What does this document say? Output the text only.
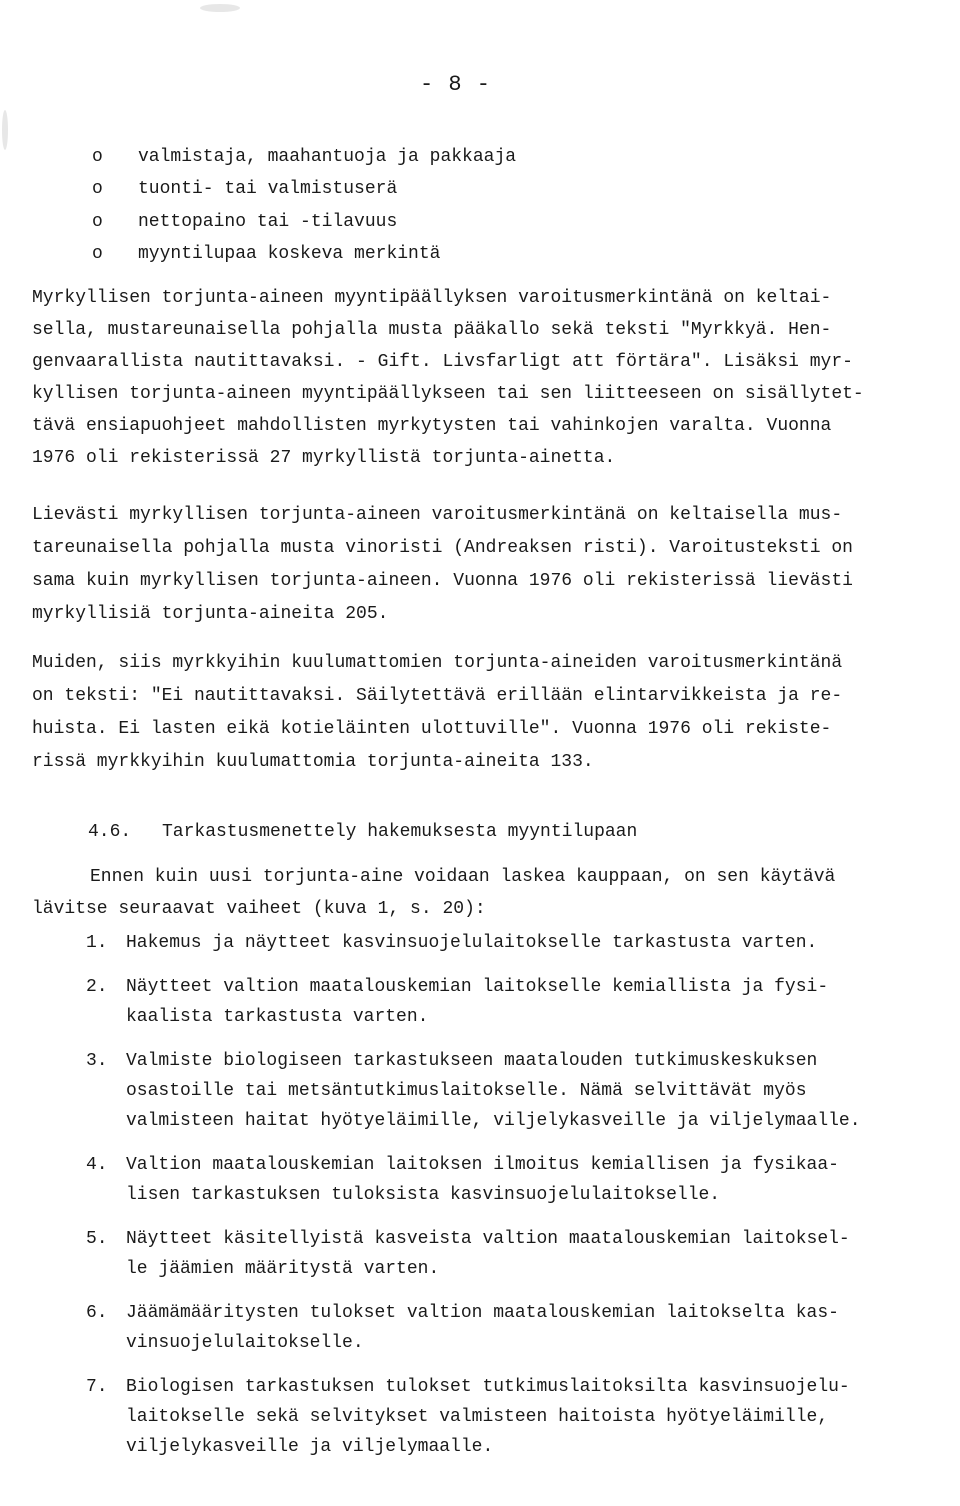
- 8 -
o valmistaja, maahantuoja ja pakkaaja
o tuonti- tai valmistuserä
o nettopaino tai -tilavuus
o myyntilupaa koskeva merkintä
Myrkyllisen torjunta-aineen myyntipäällyksen varoitusmerkintänä on keltai-
sella, mustareunaisella pohjalla musta pääkallo sekä teksti "Myrkkyä. Hen-
genvaarallista nautittavaksi. - Gift. Livsfarligt att förtära". Lisäksi myr-
kyllisen torjunta-aineen myyntipäällykseen tai sen liitteeseen on sisällytet-
tävä ensiapuohjeet mahdollisten myrkytysten tai vahinkojen varalta. Vuonna
1976 oli rekisterissä 27 myrkyllistä torjunta-ainetta.
Lievästi myrkyllisen torjunta-aineen varoitusmerkintänä on keltaisella mus-
tareunaisella pohjalla musta vinoristi (Andreaksen risti). Varoitusteksti on
sama kuin myrkyllisen torjunta-aineen. Vuonna 1976 oli rekisterissä lievästi
myrkyllisiä torjunta-aineita 205.
Muiden, siis myrkkyihin kuulumattomien torjunta-aineiden varoitusmerkintänä
on teksti: "Ei nautittavaksi. Säilytettävä erillään elintarvikkeista ja re-
huista. Ei lasten eikä kotieläinten ulottuville". Vuonna 1976 oli rekiste-
rissä myrkkyihin kuulumattomia torjunta-aineita 133.
4.6. Tarkastusmenettely hakemuksesta myyntilupaan
Ennen kuin uusi torjunta-aine voidaan laskea kauppaan, on sen käytävä
lävitse seuraavat vaiheet (kuva 1, s. 20):
1. Hakemus ja näytteet kasvinsuojelulaitokselle tarkastusta varten.
2. Näytteet valtion maatalouskemian laitokselle kemiallista ja fysi-
kaalista tarkastusta varten.
3. Valmiste biologiseen tarkastukseen maatalouden tutkimuskeskuksen
osastoille tai metsäntutkimuslaitokselle. Nämä selvittävät myös
valmisteen haitat hyötyeläimille, viljelykasveille ja viljelymaalle.
4. Valtion maatalouskemian laitoksen ilmoitus kemiallisen ja fysikaa-
lisen tarkastuksen tuloksista kasvinsuojelulaitokselle.
5. Näytteet käsitellyistä kasveista valtion maatalouskemian laitoksel-
le jäämien määritystä varten.
6. Jäämämääritysten tulokset valtion maatalouskemian laitokselta kas-
vinsuojelulaitokselle.
7. Biologisen tarkastuksen tulokset tutkimuslaitoksilta kasvinsuojelu-
laitokselle sekä selvitykset valmisteen haitoista hyötyeläimille,
viljelykasveille ja viljelymaalle.
